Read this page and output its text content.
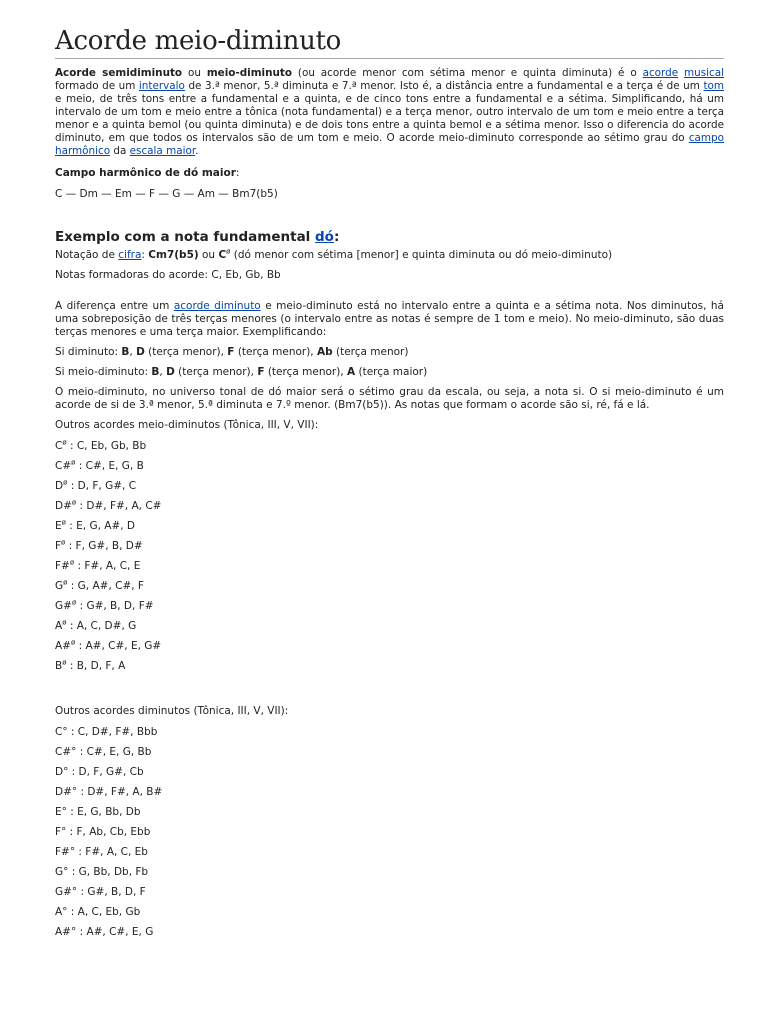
Acorde meio-diminuto

Acorde semidiminuto ou meio-diminuto (ou acorde menor com sétima menor e quinta diminuta) é o acorde musical formado de um intervalo de 3.ª menor, 5.ª diminuta e 7.ª menor. Isto é, a distância entre a fundamental e a terça é de um tom e meio, de três tons entre a fundamental e a quinta, e de cinco tons entre a fundamental e a sétima. Simplificando, há um intervalo de um tom e meio entre a tônica (nota fundamental) e a terça menor, outro intervalo de um tom e meio entre a terça menor e a quinta bemol (ou quinta diminuta) e de dois tons entre a quinta bemol e a sétima menor. Isso o diferencia do acorde diminuto, em que todos os intervalos são de um tom e meio. O acorde meio-diminuto corresponde ao sétimo grau do campo harmônico da escala maior.

Campo harmônico de dó maior:

C — Dm — Em — F — G — Am — Bm7(b5)

Exemplo com a nota fundamental dó:

Notação de cifra: Cm7(b5) ou $C^ø$ (dó menor com sétima [menor] e quinta diminuta ou dó meio-diminuto)

Notas formadoras do acorde: C, Eb, Gb, Bb

A diferença entre um acorde diminuto e meio-diminuto está no intervalo entre a quinta e a sétima nota. Nos diminutos, há uma sobreposição de três terças menores (o intervalo entre as notas é sempre de 1 tom e meio). No meio-diminuto, são duas terças menores e uma terça maior. Exemplificando:

Si diminuto: B, D (terça menor), F (terça menor), Ab (terça menor)

Si meio-diminuto: B, D (terça menor), F (terça menor), A (terça maior)

O meio-diminuto, no universo tonal de dó maior será o sétimo grau da escala, ou seja, a nota si. O si meio-diminuto é um acorde de si de 3.ª menor, 5.ª diminuta e 7.º menor. (Bm7(b5)). As notas que formam o acorde são si, ré, fá e lá.

Outros acordes meio-diminutos (Tônica, III, V, VII):

$C^ø$ : C, Eb, Gb, Bb
C#$^ø$ : C#, E, G, B
$D^ø$ : D, F, G#, C
D#$^ø$ : D#, F#, A, C#
$E^ø$ : E, G, A#, D
$F^ø$ : F, G#, B, D#
F#$^ø$ : F#, A, C, E
$G^ø$ : G, A#, C#, F
G#$^ø$ : G#, B, D, F#
$A^ø$ : A, C, D#, G
A#$^ø$ : A#, C#, E, G#
$B^ø$ : B, D, F, A

Outros acordes diminutos (Tônica, III, V, VII):

C° : C, D#, F#, Bbb
C#° : C#, E, G, Bb
D° : D, F, G#, Cb
D#° : D#, F#, A, B#
E° : E, G, Bb, Db
F° : F, Ab, Cb, Ebb
F#° : F#, A, C, Eb
G° : G, Bb, Db, Fb
G#° : G#, B, D, F
A° : A, C, Eb, Gb
A#° : A#, C#, E, G
